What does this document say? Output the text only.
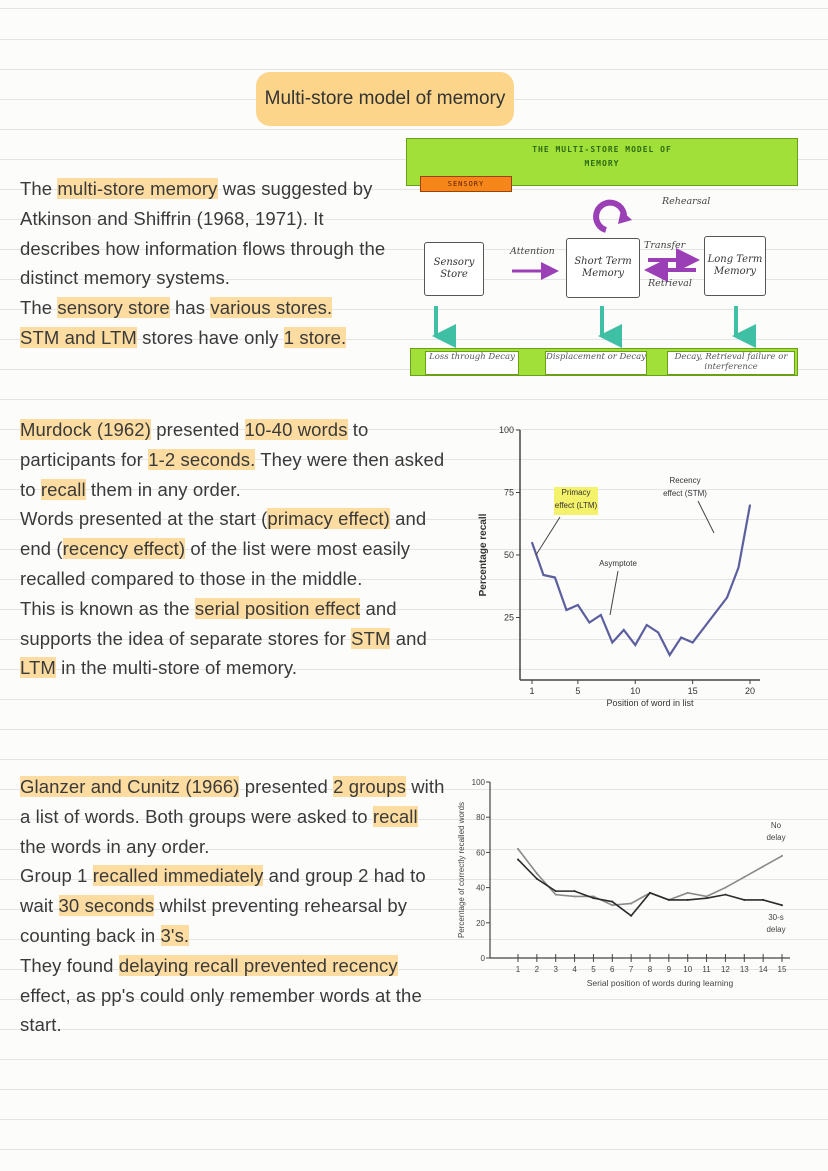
Multi-store model of memory

The multi-store memory was suggested by

Atkinson and Shiffrin (1968, 1971). It

describes how information flows through the

distinct memory systems.

The sensory store has various stores.

STM and LTM stores have only 1 store.

Murdock (1962) presented 10-40 words to

participants for 1-2 seconds. They were then asked

to recall them in any order.

Words presented at the start (primacy effect) and

end (recency effect) of the list were most easily

recalled compared to those in the middle.

This is known as the serial position effect and

supports the idea of separate stores for STM and

LTM in the multi-store of memory.

Glanzer and Cunitz (1966) presented 2 groups with

a list of words. Both groups were asked to recall

the words in any order.

Group 1 recalled immediately and group 2 had to

wait 30 seconds whilst preventing rehearsal by

counting back in 3's.

They found delaying recall prevented recency

effect, as pp's could only remember words at the

start.

THE MULTI-STORE MODEL OF
MEMORY
SENSORY
Sensory Store
Short Term Memory
Long Term Memory
Attention
Rehearsal
Transfer
Retrieval
Loss through Decay	Displacement or Decay	Decay, Retrieval failure or interference
100
75
50
25
1	5	10	15	20
Position of word in list
Percentage recall
Primacy
effect (LTM)
Recency
effect (STM)
Asymptote
0
20
40
60
80
100
1 2 3 4 5 6 7 8 9 10 11 12 13 14 15
Serial position of words during learning
Percentage of correctly recalled words	No
delay
30-s
delay
